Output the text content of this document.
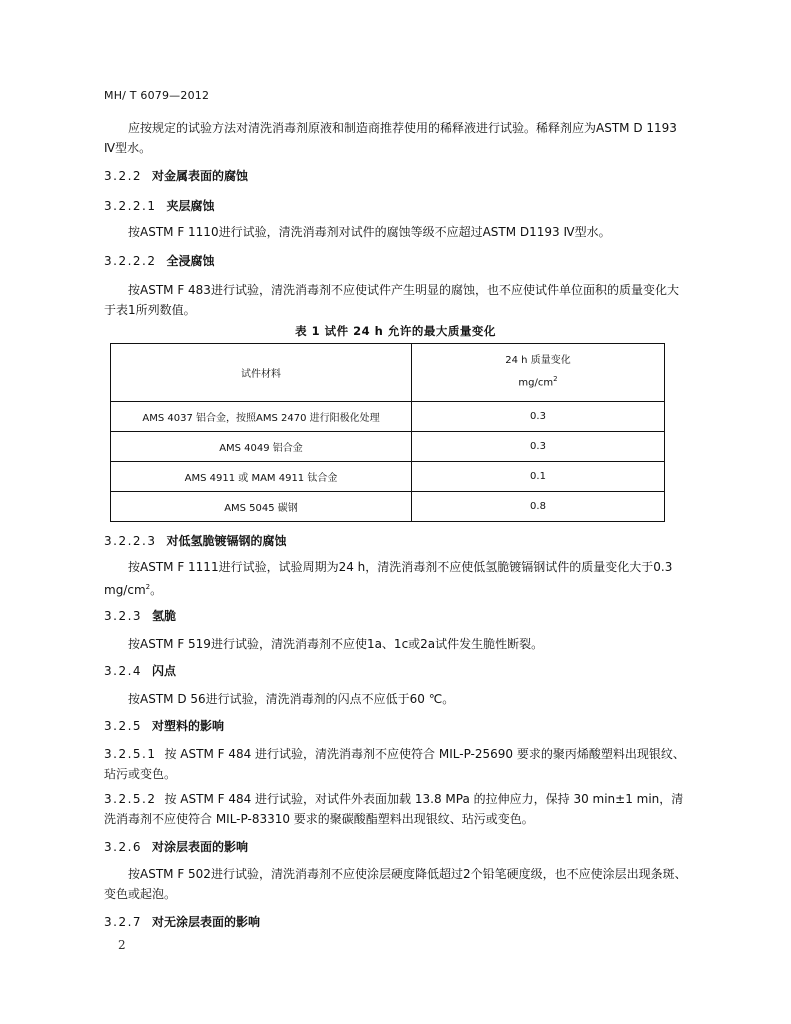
MH/ T 6079—2012
应按规定的试验方法对清洗消毒剂原液和制造商推荐使用的稀释液进行试验。稀释剂应为ASTM D 1193 Ⅳ型水。
3.2.2 对金属表面的腐蚀
3.2.2.1 夹层腐蚀
按ASTM F 1110进行试验，清洗消毒剂对试件的腐蚀等级不应超过ASTM D1193 Ⅳ型水。
3.2.2.2 全浸腐蚀
按ASTM F 483进行试验，清洗消毒剂不应使试件产生明显的腐蚀，也不应使试件单位面积的质量变化大于表1所列数值。
表 1 试件 24 h 允许的最大质量变化
试件材料	24 h 质量变化
$mg/cm^2$

AMS 4037 铝合金，按照AMS 2470 进行阳极化处理	0.3
AMS 4049 铝合金	0.3
AMS 4911 或 MAM 4911 钛合金	0.1
AMS 5045 碳钢	0.8
3.2.2.3 对低氢脆镀镉钢的腐蚀
按ASTM F 1111进行试验，试验周期为24 h，清洗消毒剂不应使低氢脆镀镉钢试件的质量变化大于0.3 $mg/cm^2$。
3.2.3 氢脆
按ASTM F 519进行试验，清洗消毒剂不应使1a、1c或2a试件发生脆性断裂。
3.2.4 闪点
按ASTM D 56进行试验，清洗消毒剂的闪点不应低于60 ℃。
3.2.5 对塑料的影响
3.2.5.1 按 ASTM F 484 进行试验，清洗消毒剂不应使符合 MIL-P-25690 要求的聚丙烯酸塑料出现银纹、玷污或变色。
3.2.5.2 按 ASTM F 484 进行试验，对试件外表面加载 13.8 MPa 的拉伸应力，保持 30 min±1 min，清洗消毒剂不应使符合 MIL-P-83310 要求的聚碳酸酯塑料出现银纹、玷污或变色。
3.2.6 对涂层表面的影响
按ASTM F 502进行试验，清洗消毒剂不应使涂层硬度降低超过2个铅笔硬度级，也不应使涂层出现条斑、变色或起泡。
3.2.7 对无涂层表面的影响
2
